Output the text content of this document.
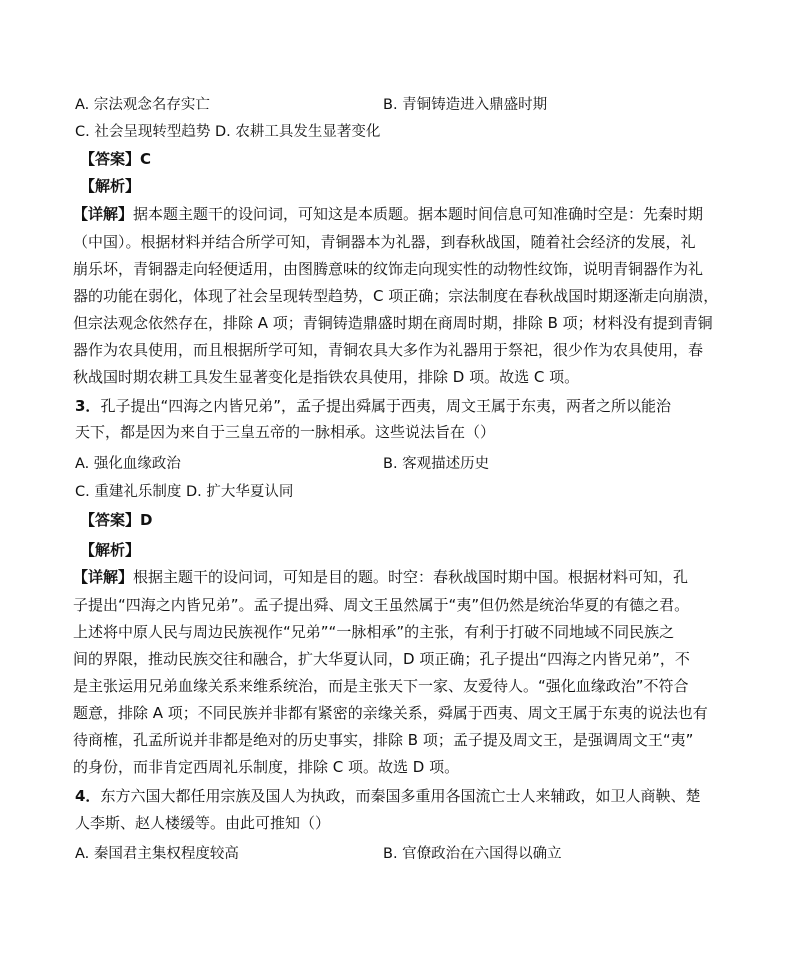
A. 宗法观念名存实亡	B. 青铜铸造进入鼎盛时期
C. 社会呈现转型趋势 D. 农耕工具发生显著变化
【答案】C
【解析】
【详解】据本题主题干的设问词，可知这是本质题。据本题时间信息可知准确时空是：先秦时期
（中国）。根据材料并结合所学可知，青铜器本为礼器，到春秋战国，随着社会经济的发展，礼
崩乐坏，青铜器走向轻便适用，由图腾意味的纹饰走向现实性的动物性纹饰，说明青铜器作为礼
器的功能在弱化，体现了社会呈现转型趋势，C 项正确；宗法制度在春秋战国时期逐渐走向崩溃，
但宗法观念依然存在，排除 A 项；青铜铸造鼎盛时期在商周时期，排除 B 项；材料没有提到青铜
器作为农具使用，而且根据所学可知，青铜农具大多作为礼器用于祭祀，很少作为农具使用，春
秋战国时期农耕工具发生显著变化是指铁农具使用，排除 D 项。故选 C 项。
3．孔子提出“四海之内皆兄弟”，孟子提出舜属于西夷，周文王属于东夷，两者之所以能治
天下，都是因为来自于三皇五帝的一脉相承。这些说法旨在（）
A. 强化血缘政治	B. 客观描述历史
C. 重建礼乐制度 D. 扩大华夏认同
【答案】D
【解析】
【详解】根据主题干的设问词，可知是目的题。时空：春秋战国时期中国。根据材料可知，孔
子提出“四海之内皆兄弟”。孟子提出舜、周文王虽然属于“夷”但仍然是统治华夏的有德之君。
上述将中原人民与周边民族视作“兄弟”“一脉相承”的主张，有利于打破不同地域不同民族之
间的界限，推动民族交往和融合，扩大华夏认同，D 项正确；孔子提出“四海之内皆兄弟”，不
是主张运用兄弟血缘关系来维系统治，而是主张天下一家、友爱待人。“强化血缘政治”不符合
题意，排除 A 项；不同民族并非都有紧密的亲缘关系，舜属于西夷、周文王属于东夷的说法也有
待商榷，孔孟所说并非都是绝对的历史事实，排除 B 项；孟子提及周文王，是强调周文王“夷”
的身份，而非肯定西周礼乐制度，排除 C 项。故选 D 项。
4．东方六国大都任用宗族及国人为执政，而秦国多重用各国流亡士人来辅政，如卫人商鞅、楚
人李斯、赵人楼缓等。由此可推知（）
A. 秦国君主集权程度较高	B. 官僚政治在六国得以确立
